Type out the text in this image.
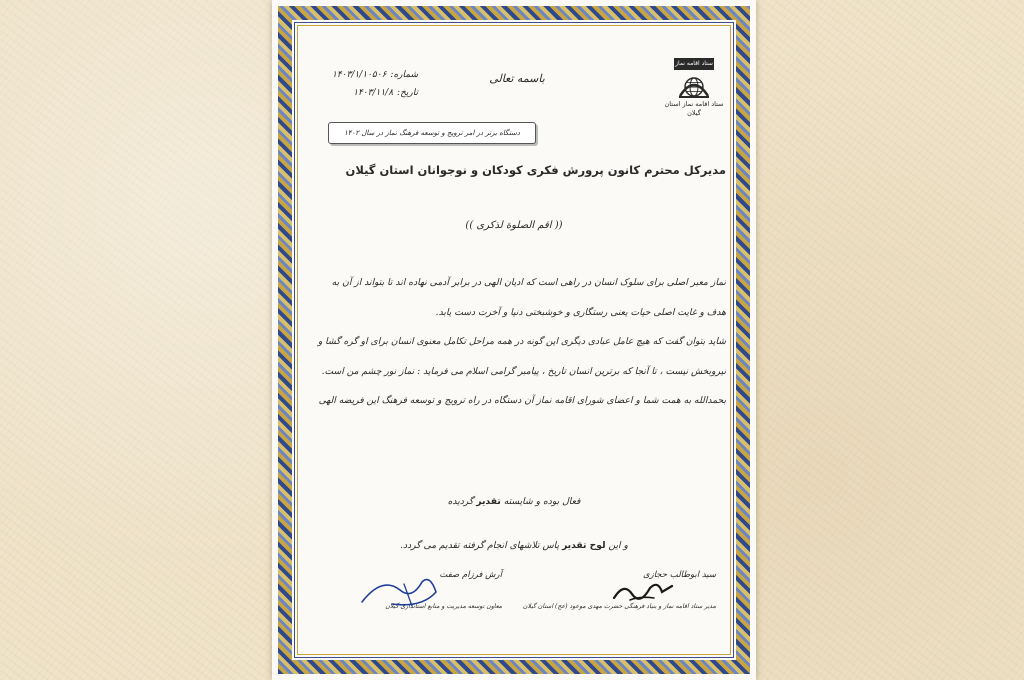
ستاد اقامه نماز
ستاد اقامه نماز استان گیلان
باسمه تعالی
شماره:
۱۴۰۳/۱/۱۰۵۰۶
تاریخ:
۱۴۰۳/۱۱/۸
دستگاه برتر در امر ترویج و توسعه فرهنگ نماز در سال ۱۴۰۲
مدیرکل محترم کانون پرورش فکری کودکان و نوجوانان استان گیلان
(( اقم الصلوة لذکری ))

نماز معبر اصلی برای سلوک انسان در راهی است که ادیان الهی در برابر آدمی نهاده اند تا بتواند از آن به

هدف و غایت اصلی حیات یعنی رستگاری و خوشبختی دنیا و آخرت دست یابد.

شاید بتوان گفت که هیچ عامل عبادی دیگری این گونه در همه مراحل تکامل معنوی انسان برای او گره گشا و

نیروبخش نیست ، تا آنجا که برترین انسان تاریخ ، پیامبر گرامی اسلام می فرماید : نماز نور چشم من است.

بحمدالله به همت شما و اعضای شورای اقامه نماز آن دستگاه در راه ترویج و توسعه فرهنگ این فریضه الهی

فعال بوده و شایسته تقدیر گردیده
و این لوح تقدیر پاس تلاشهای انجام گرفته تقدیم می گردد.
سید ابوطالب حجازی
مدیر ستاد اقامه نماز و بنیاد فرهنگی حضرت مهدی موعود (عج) استان گیلان
آرش فرزام صفت
معاون توسعه مدیریت و منابع استانداری گیلان
